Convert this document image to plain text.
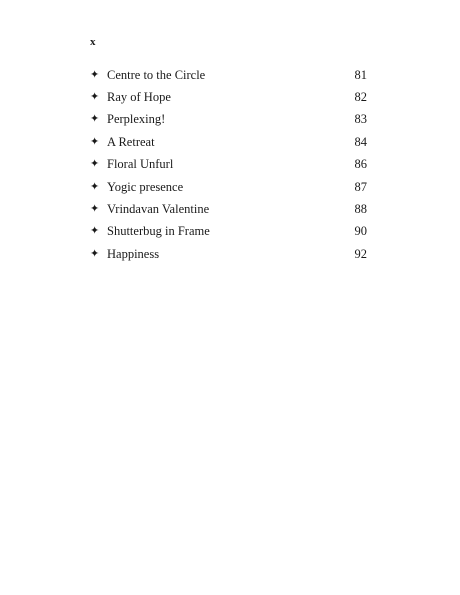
x
✦ Centre to the Circle	81
✦ Ray of Hope	82
✦ Perplexing!	83
✦ A Retreat	84
✦ Floral Unfurl	86
✦ Yogic presence	87
✦ Vrindavan Valentine	88
✦ Shutterbug in Frame	90
✦ Happiness	92
